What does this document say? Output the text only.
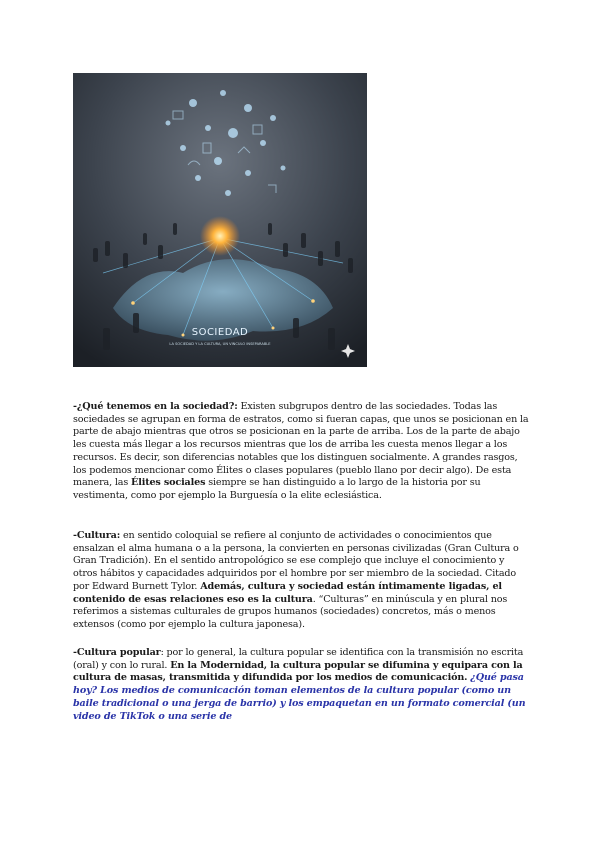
SOCIEDAD
LA SOCIEDAD Y LA CULTURA, UN VINCULO INSEPARABLE

-¿Qué tenemos en la sociedad?: Existen subgrupos dentro de las sociedades. Todas las sociedades se agrupan en forma de estratos, como si fueran capas, que unos se posicionan en la parte de abajo mientras que otros se posicionan en la parte de arriba. Los de la parte de abajo les cuesta más llegar a los recursos mientras que los de arriba les cuesta menos llegar a los recursos. Es decir, son diferencias notables que los distinguen socialmente. A grandes rasgos, los podemos mencionar como Élites o clases populares (pueblo llano por decir algo). De esta manera, las Élites sociales siempre se han distinguido a lo largo de la historia por su vestimenta, como por ejemplo la Burguesía o la elite eclesiástica.

-Cultura: en sentido coloquial se refiere al conjunto de actividades o conocimientos que ensalzan el alma humana o a la persona, la convierten en personas civilizadas (Gran Cultura o Gran Tradición). En el sentido antropológico se ese complejo que incluye el conocimiento y otros hábitos y capacidades adquiridos por el hombre por ser miembro de la sociedad. Citado por Edward Burnett Tylor. Además, cultura y sociedad están íntimamente ligadas, el contenido de esas relaciones eso es la cultura. “Culturas” en minúscula y en plural nos referimos a sistemas culturales de grupos humanos (sociedades) concretos, más o menos extensos (como por ejemplo la cultura japonesa).

-Cultura popular: por lo general, la cultura popular se identifica con la transmisión no escrita (oral) y con lo rural. En la Modernidad, la cultura popular se difumina y equipara con la cultura de masas, transmitida y difundida por los medios de comunicación. ¿Qué pasa hoy? Los medios de comunicación toman elementos de la cultura popular (como un baile tradicional o una jerga de barrio) y los empaquetan en un formato comercial (un video de TikTok o una serie de
